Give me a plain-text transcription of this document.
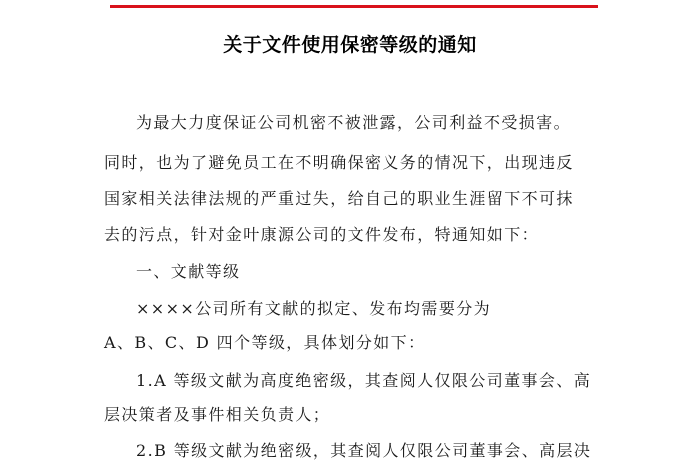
关于文件使用保密等级的通知
为最大力度保证公司机密不被泄露，公司利益不受损害。
同时，也为了避免员工在不明确保密义务的情况下，出现违反
国家相关法律法规的严重过失，给自己的职业生涯留下不可抹
去的污点，针对金叶康源公司的文件发布，特通知如下：
一、文献等级
××××公司所有文献的拟定、发布均需要分为
A、B、C、D 四个等级，具体划分如下：
1.A 等级文献为高度绝密级，其查阅人仅限公司董事会、高
层决策者及事件相关负责人；
2.B 等级文献为绝密级，其查阅人仅限公司董事会、高层决
